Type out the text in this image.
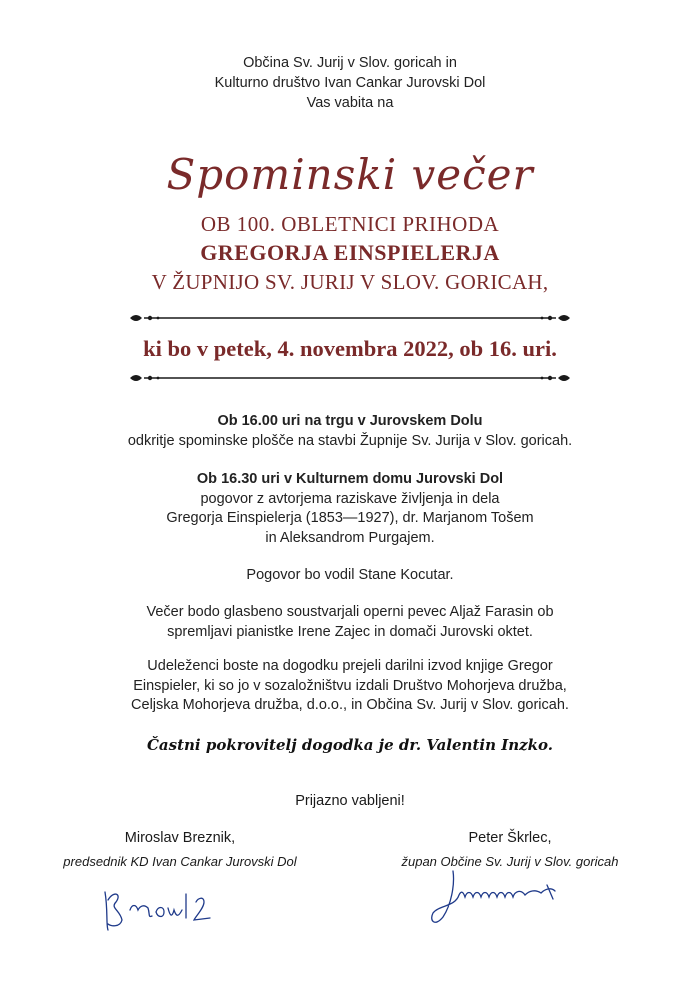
Občina Sv. Jurij v Slov. goricah in
Kulturno društvo Ivan Cankar Jurovski Dol
Vas vabita na
Spominski večer
OB 100. OBLETNICI PRIHODA
GREGORJA EINSPIELERJA
V ŽUPNIJO SV. JURIJ V SLOV. GORICAH,
ki bo v petek, 4. novembra 2022, ob 16. uri.
Ob 16.00 uri na trgu v Jurovskem Dolu
odkritje spominske plošče na stavbi Župnije Sv. Jurija v Slov. goricah.
Ob 16.30 uri v Kulturnem domu Jurovski Dol
pogovor z avtorjema raziskave življenja in dela
Gregorja Einspielerja (1853—1927), dr. Marjanom Tošem
in Aleksandrom Purgajem.
Pogovor bo vodil Stane Kocutar.
Večer bodo glasbeno soustvarjali operni pevec Aljaž Farasin ob
spremljavi pianistke Irene Zajec in domači Jurovski oktet.
Udeleženci boste na dogodku prejeli darilni izvod knjige Gregor
Einspieler, ki so jo v sozaložništvu izdali Društvo Mohorjeva družba,
Celjska Mohorjeva družba, d.o.o., in Občina Sv. Jurij v Slov. goricah.
Častni pokrovitelj dogodka je dr. Valentin Inzko.
Prijazno vabljeni!
Miroslav Breznik,
predsednik KD Ivan Cankar Jurovski Dol
Peter Škrlec,
župan Občine Sv. Jurij v Slov. goricah
